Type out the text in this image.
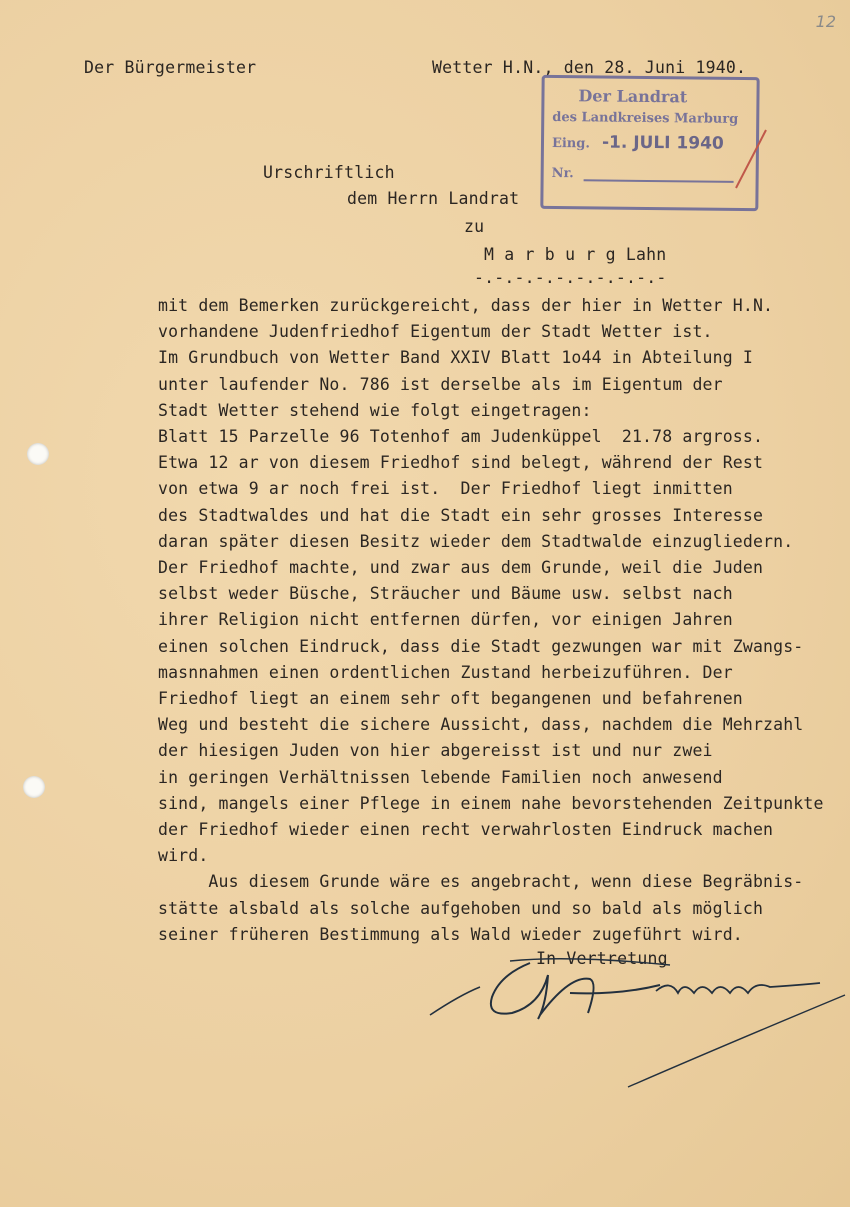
12
Der Bürgermeister	Wetter H.N., den 28. Juni 1940.
Der Landrat
des Landkreises Marburg
Eing. -1. JULI 1940
Nr.
Urschriftlich
dem Herrn Landrat
zu
M a r b u r g Lahn
-.-.-.-.-.-.-.-.-.-
mit dem Bemerken zurückgereicht, dass der hier in Wetter H.N.
vorhandene Judenfriedhof Eigentum der Stadt Wetter ist.
Im Grundbuch von Wetter Band XXIV Blatt 1o44 in Abteilung I
unter laufender No. 786 ist derselbe als im Eigentum der
Stadt Wetter stehend wie folgt eingetragen:
Blatt 15 Parzelle 96 Totenhof am Judenküppel  21.78 argross.
Etwa 12 ar von diesem Friedhof sind belegt, während der Rest
von etwa 9 ar noch frei ist.  Der Friedhof liegt inmitten
des Stadtwaldes und hat die Stadt ein sehr grosses Interesse
daran später diesen Besitz wieder dem Stadtwalde einzugliedern.
Der Friedhof machte, und zwar aus dem Grunde, weil die Juden
selbst weder Büsche, Sträucher und Bäume usw. selbst nach
ihrer Religion nicht entfernen dürfen, vor einigen Jahren
einen solchen Eindruck, dass die Stadt gezwungen war mit Zwangs-
masnnahmen einen ordentlichen Zustand herbeizuführen. Der
Friedhof liegt an einem sehr oft begangenen und befahrenen
Weg und besteht die sichere Aussicht, dass, nachdem die Mehrzahl
der hiesigen Juden von hier abgereisst ist und nur zwei
in geringen Verhältnissen lebende Familien noch anwesend
sind, mangels einer Pflege in einem nahe bevorstehenden Zeitpunkte
der Friedhof wieder einen recht verwahrlosten Eindruck machen
wird.
Aus diesem Grunde wäre es angebracht, wenn diese Begräbnis-
stätte alsbald als solche aufgehoben und so bald als möglich
seiner früheren Bestimmung als Wald wieder zugeführt wird.
In Vertretung
